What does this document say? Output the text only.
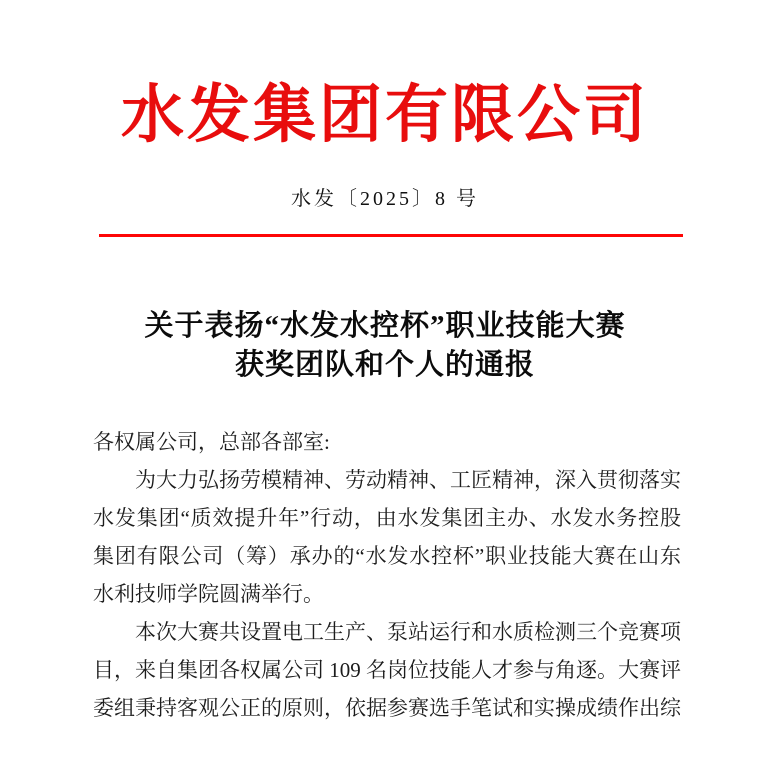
水发集团有限公司
水发〔2025〕8 号
关于表扬“水发水控杯”职业技能大赛
获奖团队和个人的通报
各权属公司，总部各部室:
为大力弘扬劳模精神、劳动精神、工匠精神，深入贯彻落实
水发集团“质效提升年”行动，由水发集团主办、水发水务控股
集团有限公司（筹）承办的“水发水控杯”职业技能大赛在山东
水利技师学院圆满举行。
本次大赛共设置电工生产、泵站运行和水质检测三个竞赛项
目，来自集团各权属公司 109 名岗位技能人才参与角逐。大赛评
委组秉持客观公正的原则，依据参赛选手笔试和实操成绩作出综
